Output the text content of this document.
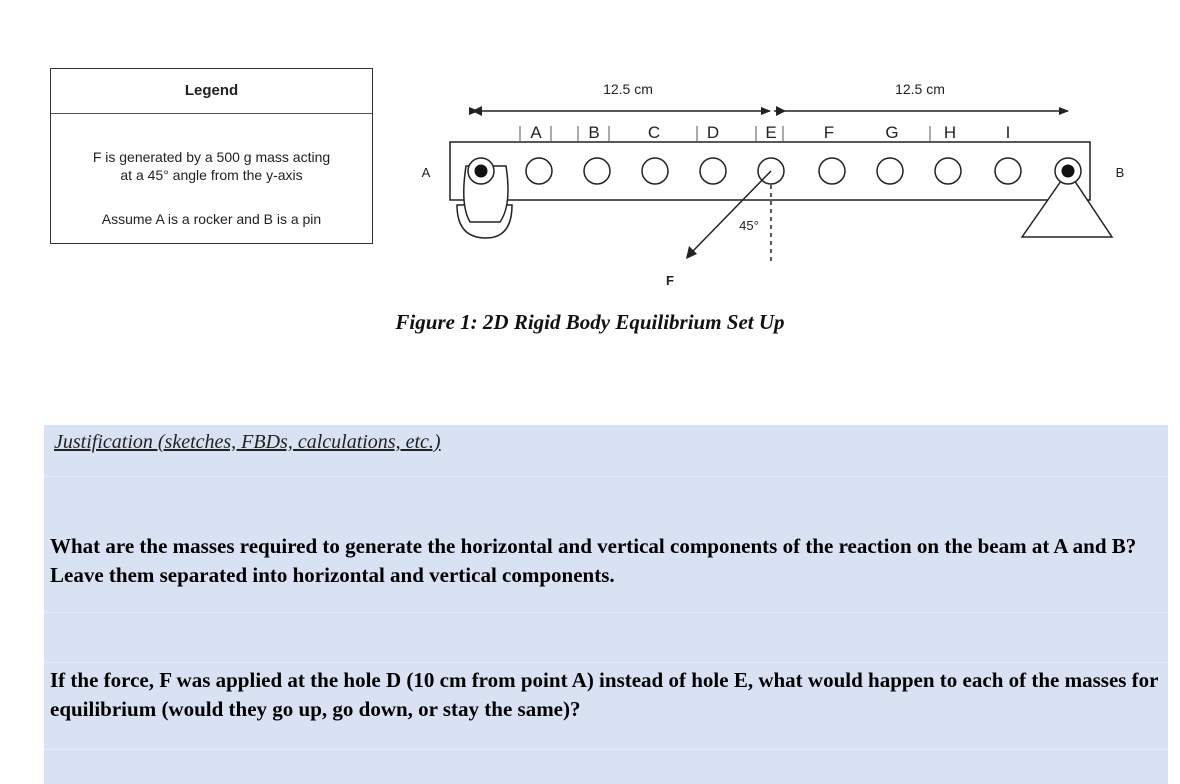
Legend

F is generated by a 500 g mass acting

at a 45° angle from the y-axis

Assume A is a rocker and B is a pin

12.5 cm	12.5 cm
A	B
A	B	C	D	E	F	G	H	I
45°
F
Figure 1: 2D Rigid Body Equilibrium Set Up
Justification (sketches, FBDs, calculations, etc.)
What are the masses required to generate the horizontal and vertical components of the reaction on the beam at A and B? Leave them separated into horizontal and vertical components.
If the force, F was applied at the hole D (10 cm from point A) instead of hole E, what would happen to each of the masses for equilibrium (would they go up, go down, or stay the same)?
